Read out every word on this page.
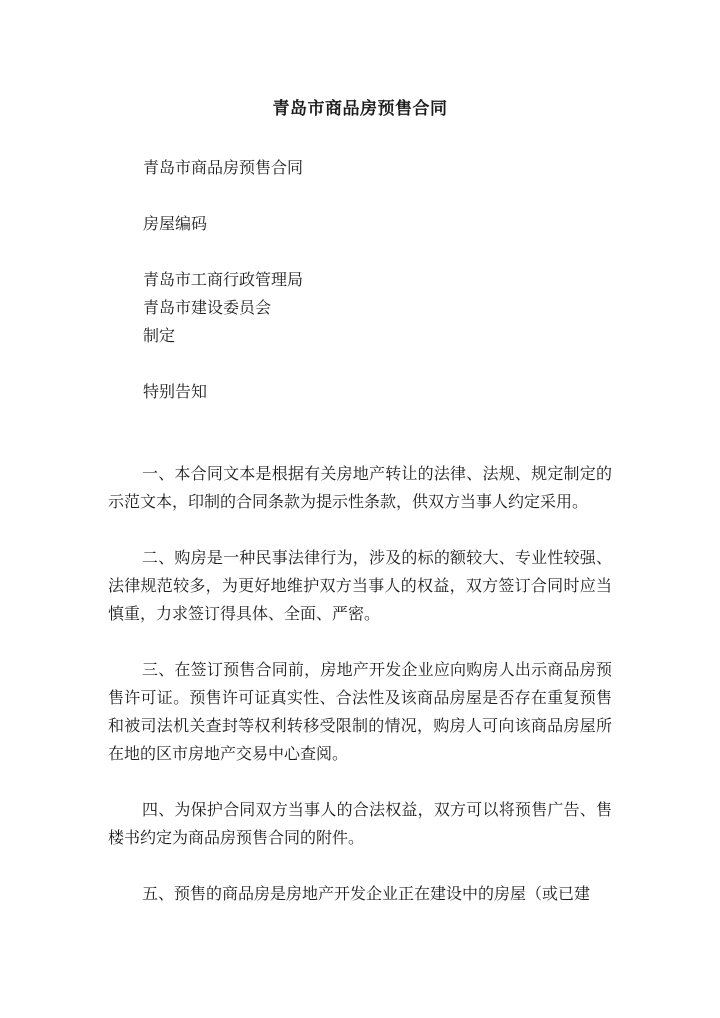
青岛市商品房预售合同
青岛市商品房预售合同
房屋编码
青岛市工商行政管理局
青岛市建设委员会
制定
特别告知

一、本合同文本是根据有关房地产转让的法律、法规、规定制定的示范文本，印制的合同条款为提示性条款，供双方当事人约定采用。

二、购房是一种民事法律行为，涉及的标的额较大、专业性较强、法律规范较多，为更好地维护双方当事人的权益，双方签订合同时应当慎重，力求签订得具体、全面、严密。

三、在签订预售合同前，房地产开发企业应向购房人出示商品房预售许可证。预售许可证真实性、合法性及该商品房屋是否存在重复预售和被司法机关查封等权利转移受限制的情况，购房人可向该商品房屋所在地的区市房地产交易中心查阅。

四、为保护合同双方当事人的合法权益，双方可以将预售广告、售楼书约定为商品房预售合同的附件。

五、预售的商品房是房地产开发企业正在建设中的房屋（或已建
